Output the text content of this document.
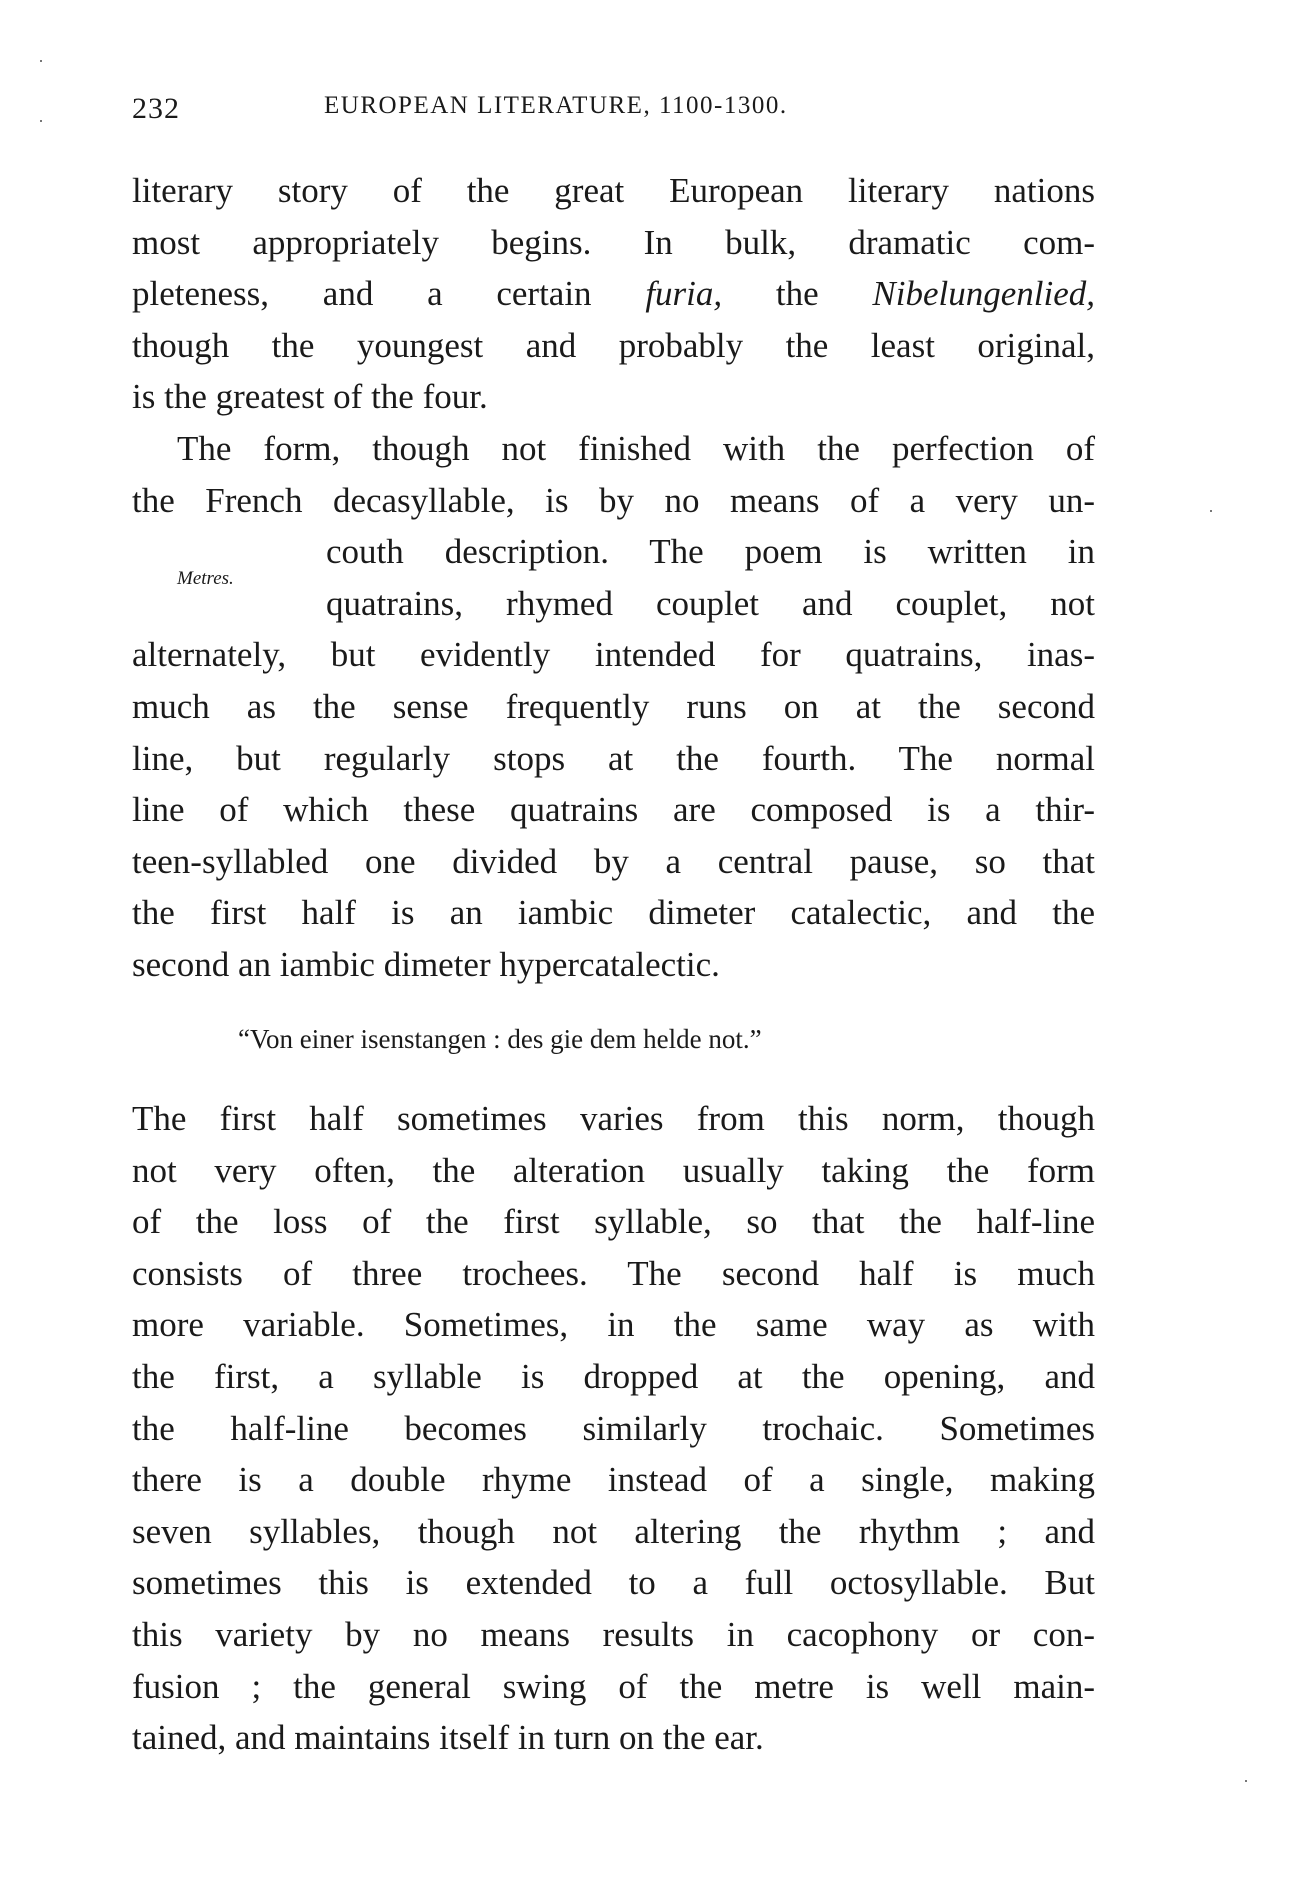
232	EUROPEAN LITERATURE, 1100-1300.
literary story of the great European literary nations
most appropriately begins. In bulk, dramatic com-
pleteness, and a certain furia, the Nibelungenlied,
though the youngest and probably the least original,
is the greatest of the four.
The form, though not finished with the perfection of
the French decasyllable, is by no means of a very un-
couth description. The poem is written in
quatrains, rhymed couplet and couplet, not
alternately, but evidently intended for quatrains, inas-
much as the sense frequently runs on at the second
line, but regularly stops at the fourth. The normal
line of which these quatrains are composed is a thir-
teen-syllabled one divided by a central pause, so that
the first half is an iambic dimeter catalectic, and the
second an iambic dimeter hypercatalectic.
Metres.
“Von einer isenstangen : des gie dem helde not.”
The first half sometimes varies from this norm, though
not very often, the alteration usually taking the form
of the loss of the first syllable, so that the half-line
consists of three trochees. The second half is much
more variable. Sometimes, in the same way as with
the first, a syllable is dropped at the opening, and
the half-line becomes similarly trochaic. Sometimes
there is a double rhyme instead of a single, making
seven syllables, though not altering the rhythm ; and
sometimes this is extended to a full octosyllable. But
this variety by no means results in cacophony or con-
fusion ; the general swing of the metre is well main-
tained, and maintains itself in turn on the ear.
